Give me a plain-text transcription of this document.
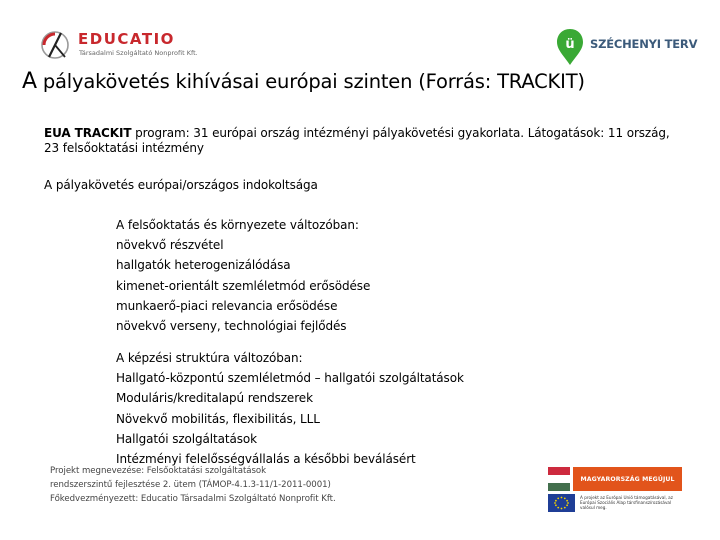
EDUCATIO
Társadalmi Szolgáltató Nonprofit Kft.
ü SZÉCHENYI TERV
A pályakövetés kihívásai európai szinten (Forrás: TRACKIT)
EUA TRACKIT program: 31 európai ország intézményi pályakövetési gyakorlata. Látogatások: 11 ország, 23 felsőoktatási intézmény
A pályakövetés európai/országos indokoltsága
A felsőoktatás és környezete változóban:
növekvő részvétel
hallgatók heterogenizálódása
kimenet-orientált szemléletmód erősödése
munkaerő-piaci relevancia erősödése
növekvő verseny, technológiai fejlődés
A képzési struktúra változóban:
Hallgató-központú szemléletmód – hallgatói szolgáltatások
Moduláris/kreditalapú rendszerek
Növekvő mobilitás, flexibilitás, LLL
Hallgatói szolgáltatások
Intézményi felelősségvállalás a későbbi beválásért
Projekt megnevezése: Felsőoktatási szolgáltatások
rendszerszintű fejlesztése 2. ütem (TÁMOP-4.1.3-11/1-2011-0001)
Főkedvezményezett: Educatio Társadalmi Szolgáltató Nonprofit Kft.
MAGYARORSZÁG MEGÚJUL
A projekt az Európai Unió támogatásával, az Európai Szociális Alap társfinanszírozásával valósul meg.
